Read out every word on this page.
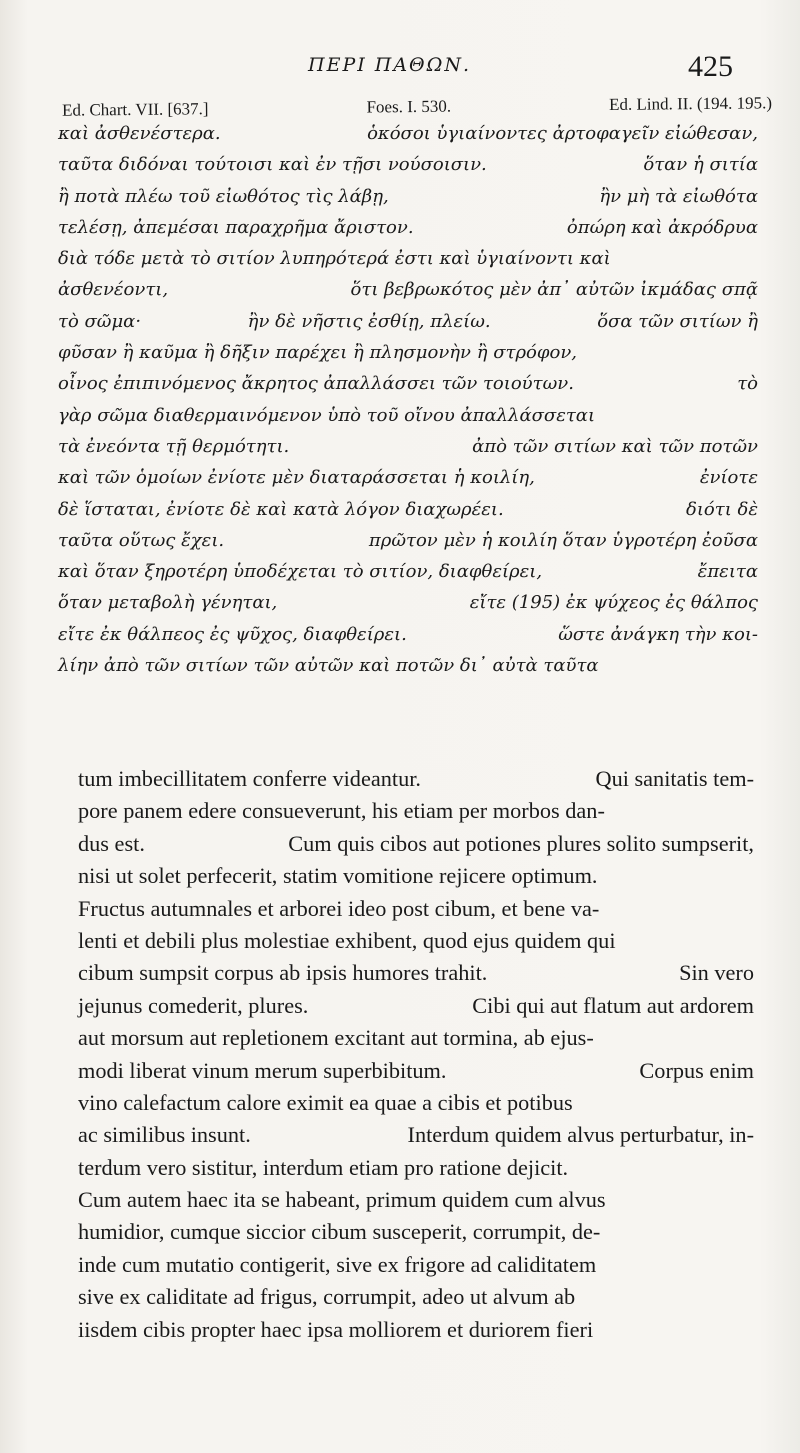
ΠΕΡΙ ΠΑΘΩΝ.	425
Ed. Chart. VII. [637.]	Foes. I. 530.	Ed. Lind. II. (194. 195.)
καὶ ἀσθενέστερα.	ὁκόσοι ὑγιαίνοντες ἀρτοφαγεῖν εἰώθεσαν,
ταῦτα διδόναι τούτοισι καὶ ἐν τῇσι νούσοισιν.	ὅταν ἡ σιτία
ἢ ποτὰ πλέω τοῦ εἰωθότος τὶς λάβῃ,	ἢν μὴ τὰ εἰωθότα
τελέσῃ, ἀπεμέσαι παραχρῆμα ἄριστον.	ὀπώρη καὶ ἀκρόδρυα
διὰ τόδε μετὰ τὸ σιτίον λυπηρότερά ἐστι καὶ ὑγιαίνοντι καὶ
ἀσθενέοντι,	ὅτι βεβρωκότος μὲν ἀπ᾽ αὐτῶν ἰκμάδας σπᾷ
τὸ σῶμα·	ἢν δὲ νῆστις ἐσθίῃ, πλείω.	ὅσα τῶν σιτίων ἢ
φῦσαν ἢ καῦμα ἢ δῆξιν παρέχει ἢ πλησμονὴν ἢ στρόφον,
οἶνος ἐπιπινόμενος ἄκρητος ἀπαλλάσσει τῶν τοιούτων.	τὸ
γὰρ σῶμα διαθερμαινόμενον ὑπὸ τοῦ οἴνου ἀπαλλάσσεται
τὰ ἐνεόντα τῇ θερμότητι.	ἀπὸ τῶν σιτίων καὶ τῶν ποτῶν
καὶ τῶν ὁμοίων ἐνίοτε μὲν διαταράσσεται ἡ κοιλίη,	ἐνίοτε
δὲ ἵσταται, ἐνίοτε δὲ καὶ κατὰ λόγον διαχωρέει.	διότι δὲ
ταῦτα οὕτως ἔχει.	πρῶτον μὲν ἡ κοιλίη ὅταν ὑγροτέρη ἐοῦσα
καὶ ὅταν ξηροτέρη ὑποδέχεται τὸ σιτίον, διαφθείρει,	ἔπειτα
ὅταν μεταβολὴ γένηται,	εἴτε (195) ἐκ ψύχεος ἐς θάλπος
εἴτε ἐκ θάλπεος ἐς ψῦχος, διαφθείρει.	ὥστε ἀνάγκη τὴν κοι-
λίην ἀπὸ τῶν σιτίων τῶν αὐτῶν καὶ ποτῶν δι᾽ αὐτὰ ταῦτα
tum imbecillitatem conferre videantur.	Qui sanitatis tem-
pore panem edere consueverunt, his etiam per morbos dan-
dus est.	Cum quis cibos aut potiones plures solito sumpserit,
nisi ut solet perfecerit, statim vomitione rejicere optimum.
Fructus autumnales et arborei ideo post cibum, et bene va-
lenti et debili plus molestiae exhibent, quod ejus quidem qui
cibum sumpsit corpus ab ipsis humores trahit.	Sin vero
jejunus comederit, plures.	Cibi qui aut flatum aut ardorem
aut morsum aut repletionem excitant aut tormina, ab ejus-
modi liberat vinum merum superbibitum.	Corpus enim
vino calefactum calore eximit ea quae a cibis et potibus
ac similibus insunt.	Interdum quidem alvus perturbatur, in-
terdum vero sistitur, interdum etiam pro ratione dejicit.
Cum autem haec ita se habeant, primum quidem cum alvus
humidior, cumque siccior cibum susceperit, corrumpit, de-
inde cum mutatio contigerit, sive ex frigore ad caliditatem
sive ex caliditate ad frigus, corrumpit, adeo ut alvum ab
iisdem cibis propter haec ipsa molliorem et duriorem fieri
